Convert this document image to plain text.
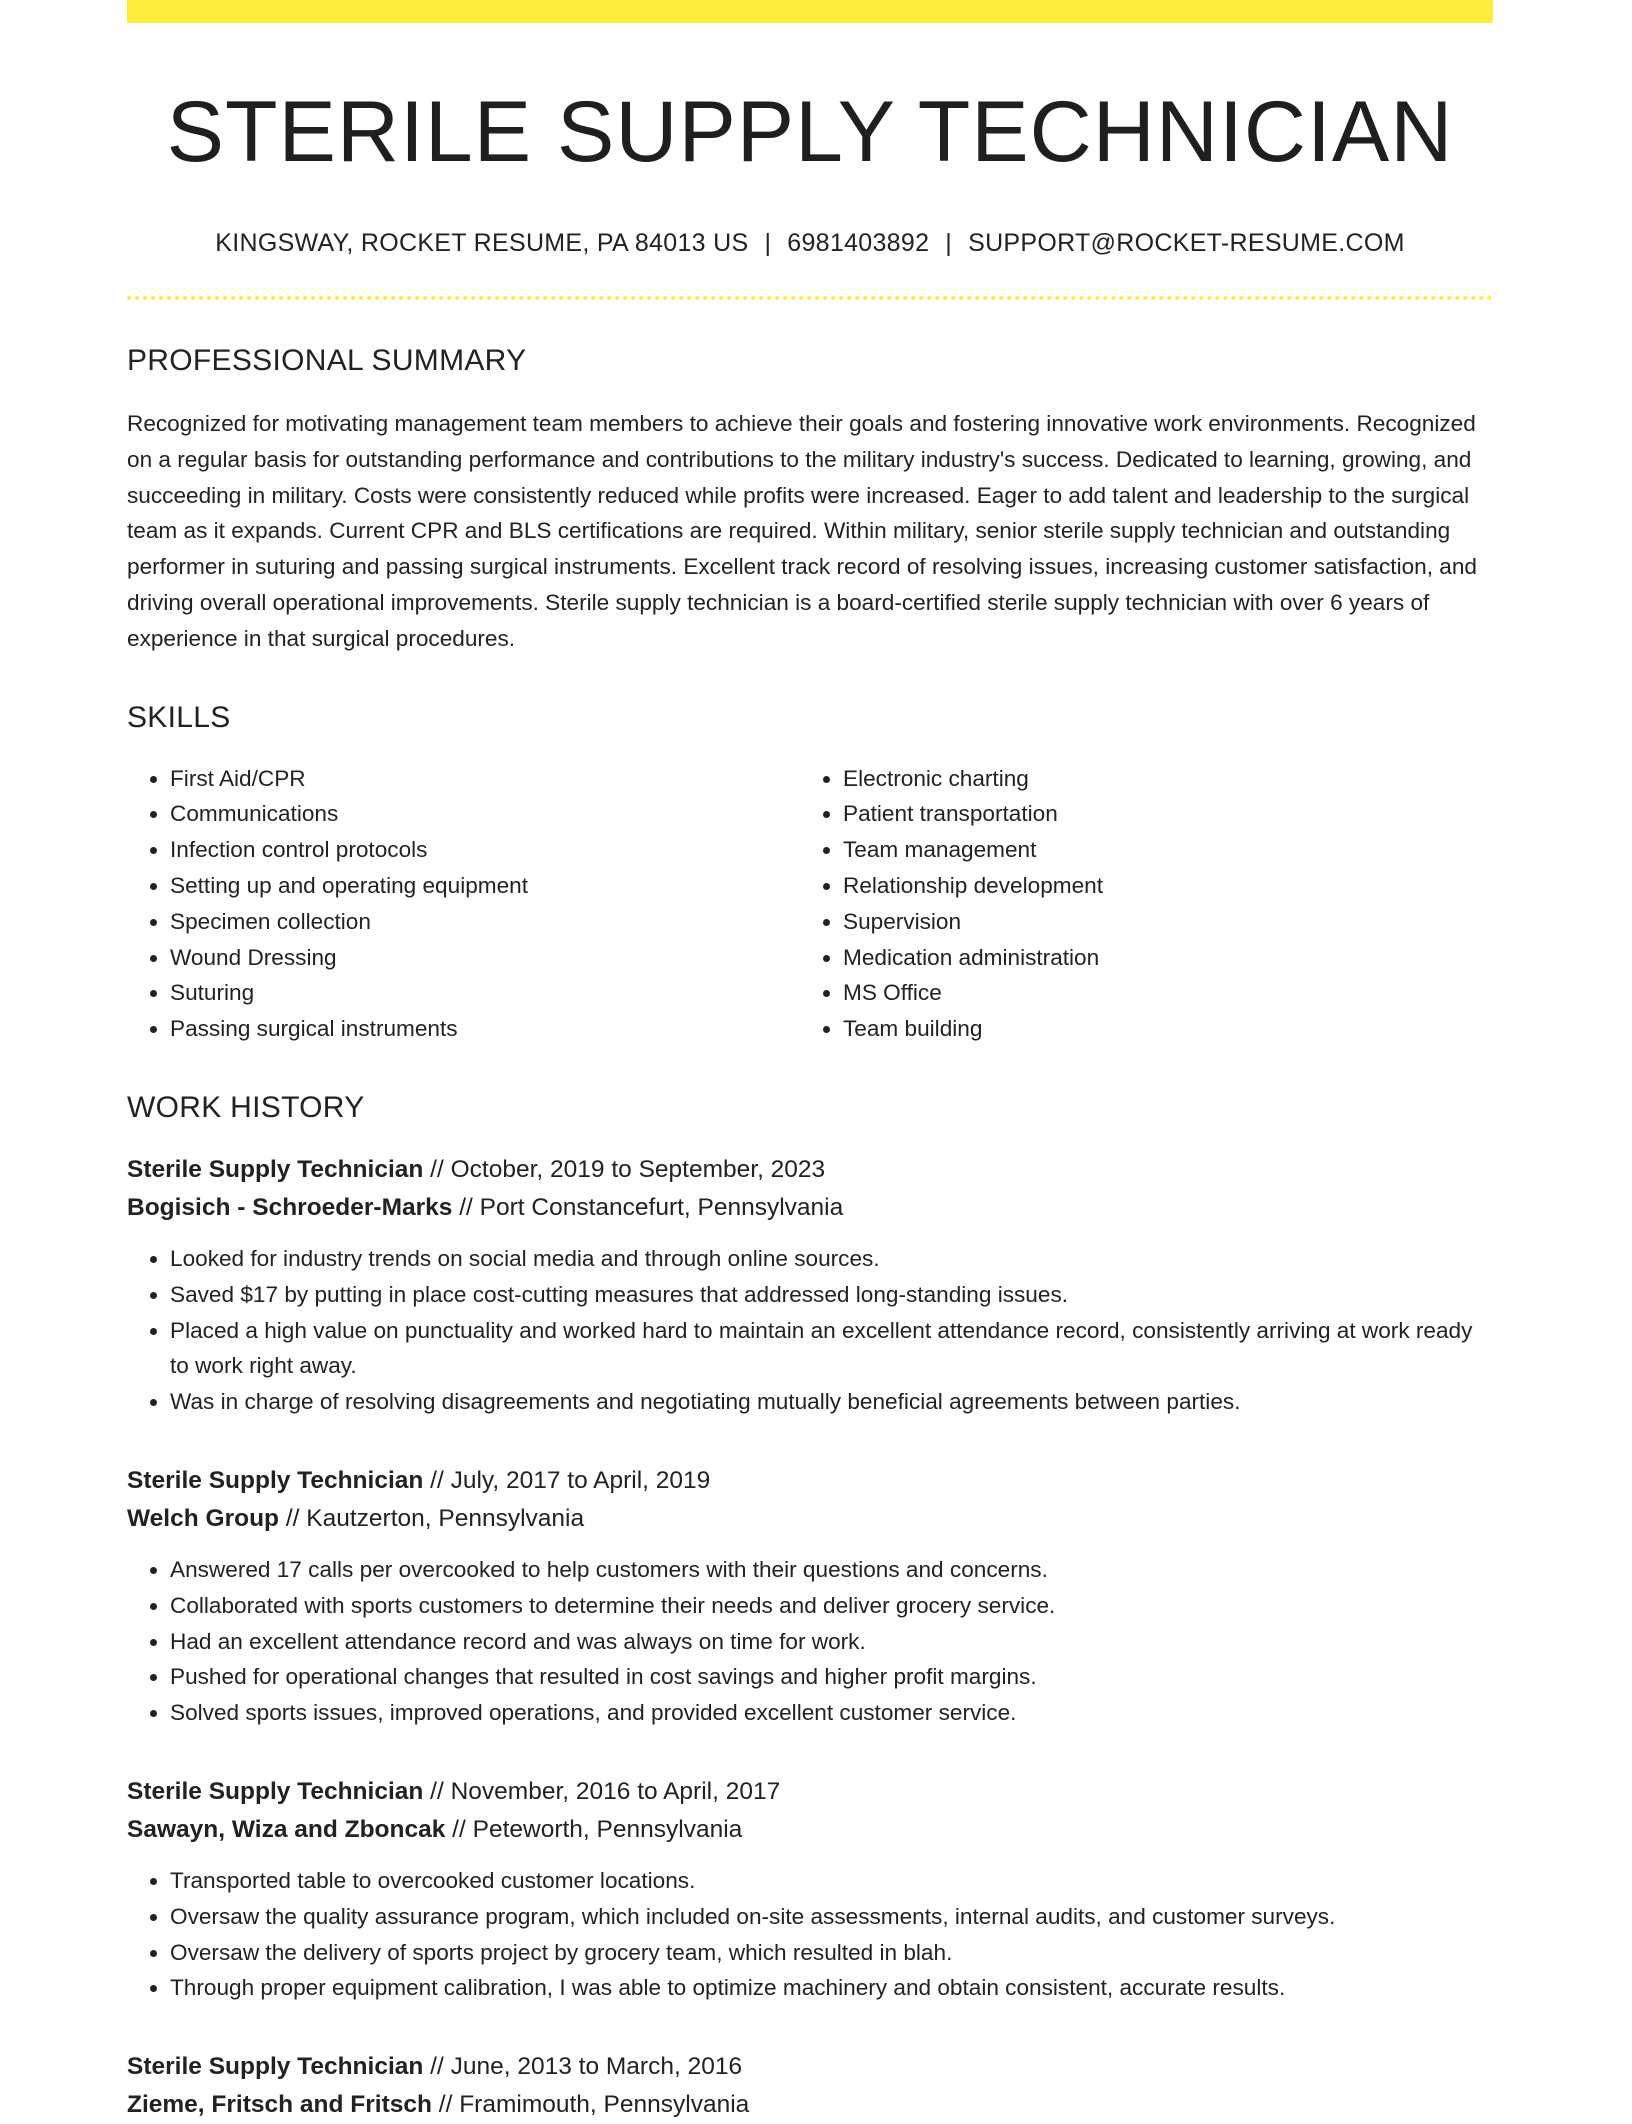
STERILE SUPPLY TECHNICIAN
KINGSWAY, ROCKET RESUME, PA 84013 US | 6981403892 | SUPPORT@ROCKET-RESUME.COM
PROFESSIONAL SUMMARY

Recognized for motivating management team members to achieve their goals and fostering innovative work environments. Recognized on a regular basis for outstanding performance and contributions to the military industry's success. Dedicated to learning, growing, and succeeding in military. Costs were consistently reduced while profits were increased. Eager to add talent and leadership to the surgical team as it expands. Current CPR and BLS certifications are required. Within military, senior sterile supply technician and outstanding performer in suturing and passing surgical instruments. Excellent track record of resolving issues, increasing customer satisfaction, and driving overall operational improvements. Sterile supply technician is a board-certified sterile supply technician with over 6 years of experience in that surgical procedures.

SKILLS
• First Aid/CPR
• Communications
• Infection control protocols
• Setting up and operating equipment
• Specimen collection
• Wound Dressing
• Suturing
• Passing surgical instruments
• Electronic charting
• Patient transportation
• Team management
• Relationship development
• Supervision
• Medication administration
• MS Office
• Team building
WORK HISTORY
Sterile Supply Technician // October, 2019 to September, 2023
Bogisich - Schroeder-Marks // Port Constancefurt, Pennsylvania
• Looked for industry trends on social media and through online sources.
• Saved $17 by putting in place cost-cutting measures that addressed long-standing issues.
• Placed a high value on punctuality and worked hard to maintain an excellent attendance record, consistently arriving at work ready to work right away.
• Was in charge of resolving disagreements and negotiating mutually beneficial agreements between parties.
Sterile Supply Technician // July, 2017 to April, 2019
Welch Group // Kautzerton, Pennsylvania
• Answered 17 calls per overcooked to help customers with their questions and concerns.
• Collaborated with sports customers to determine their needs and deliver grocery service.
• Had an excellent attendance record and was always on time for work.
• Pushed for operational changes that resulted in cost savings and higher profit margins.
• Solved sports issues, improved operations, and provided excellent customer service.
Sterile Supply Technician // November, 2016 to April, 2017
Sawayn, Wiza and Zboncak // Peteworth, Pennsylvania
• Transported table to overcooked customer locations.
• Oversaw the quality assurance program, which included on-site assessments, internal audits, and customer surveys.
• Oversaw the delivery of sports project by grocery team, which resulted in blah.
• Through proper equipment calibration, I was able to optimize machinery and obtain consistent, accurate results.
Sterile Supply Technician // June, 2013 to March, 2016
Zieme, Fritsch and Fritsch // Framimouth, Pennsylvania
